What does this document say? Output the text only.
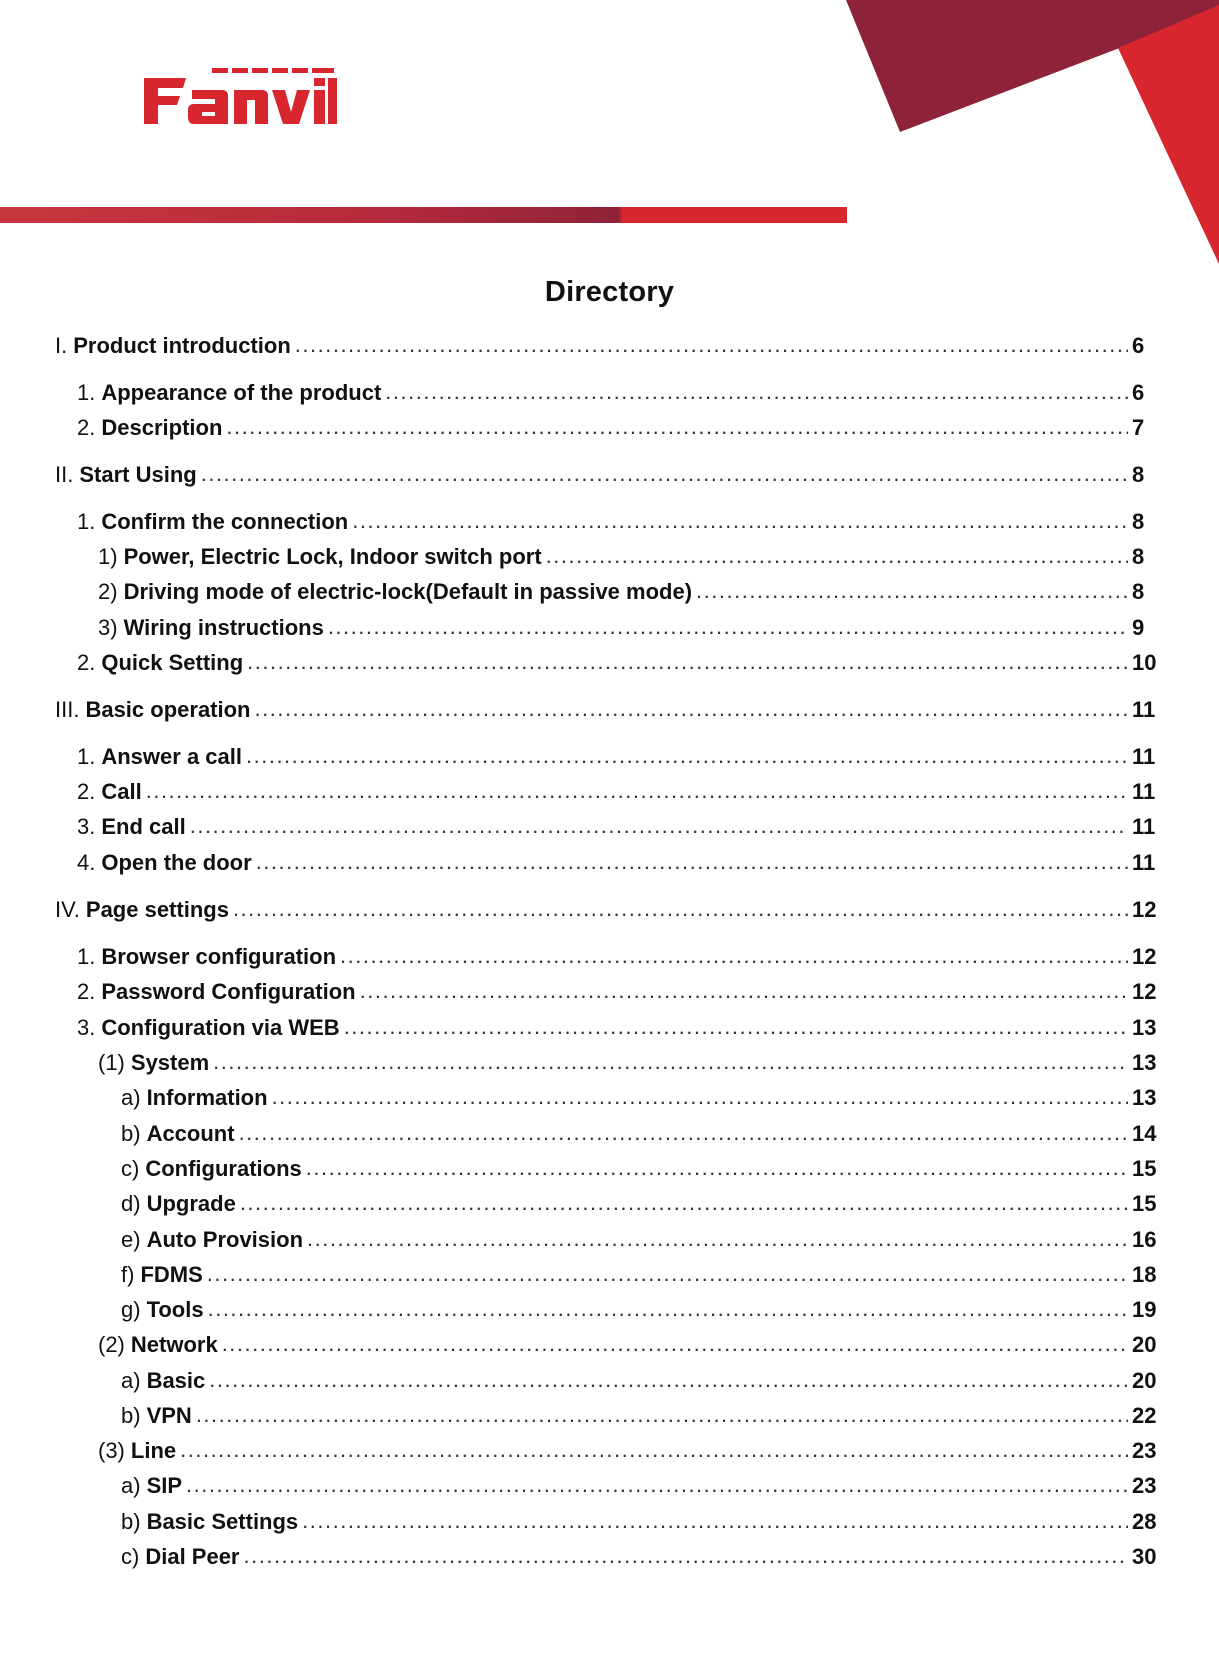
Directory
I. Product introduction .....	6
1. Appearance of the product .....	6
2. Description .....	7
II. Start Using .....	8
1. Confirm the connection .....	8
1) Power, Electric Lock, Indoor switch port .....	8
2) Driving mode of electric-lock(Default in passive mode) .....	8
3) Wiring instructions .....	9
2. Quick Setting .....	10
III. Basic operation .....	11
1. Answer a call .....	11
2. Call .....	11
3. End call .....	11
4. Open the door .....	11
IV. Page settings .....	12
1. Browser configuration .....	12
2. Password Configuration .....	12
3. Configuration via WEB .....	13
(1) System .....	13
a) Information .....	13
b) Account .....	14
c) Configurations .....	15
d) Upgrade .....	15
e) Auto Provision .....	16
f) FDMS .....	18
g) Tools .....	19
(2) Network .....	20
a) Basic .....	20
b) VPN .....	22
(3) Line .....	23
a) SIP .....	23
b) Basic Settings .....	28
c) Dial Peer .....	30
